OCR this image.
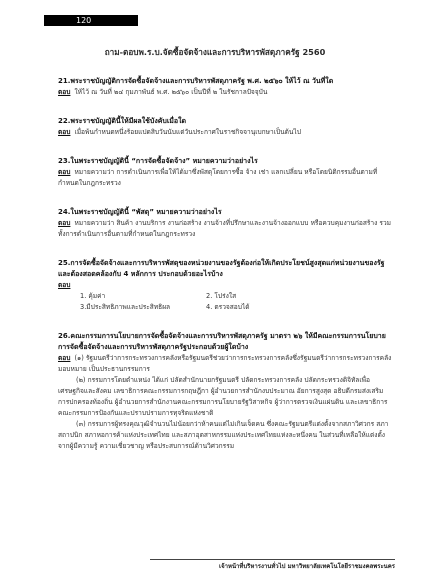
120
ถาม-ตอบพ.ร.บ.จัดซื้อจัดจ้างและการบริหารพัสดุภาครัฐ 2560

21.พระราชบัญญัติการจัดซื้อจัดจ้างและการบริหารพัสดุภาครัฐ พ.ศ. ๒๕๖๐ ให้ไว้ ณ วันที่ใด

ตอบ ให้ไว้ ณ วันที่ ๒๔ กุมภาพันธ์ พ.ศ. ๒๕๖๐ เป็นปีที่ ๒ ในรัชกาลปัจจุบัน

22.พระราชบัญญัตินี้ให้มีผลใช้บังคับเมื่อใด

ตอบ เมื่อพ้นกำหนดหนึ่งร้อยแปดสิบวันนับแต่วันประกาศในราชกิจจานุเบกษาเป็นต้นไป

23.ในพระราชบัญญัตินี้ “การจัดซื้อจัดจ้าง” หมายความว่าอย่างไร

ตอบ หมายความว่า การดำเนินการเพื่อให้ได้มาซึ่งพัสดุโดยการซื้อ จ้าง เช่า แลกเปลี่ยน หรือโดยนิติกรรมอื่นตามที่กำหนดในกฎกระทรวง

24.ในพระราชบัญญัตินี้ “พัสดุ” หมายความว่าอย่างไร

ตอบ หมายความว่า สินค้า งานบริการ งานก่อสร้าง งานจ้างที่ปรึกษาและงานจ้างออกแบบ หรือควบคุมงานก่อสร้าง รวมทั้งการดำเนินการอื่นตามที่กำหนดในกฎกระทรวง

25.การจัดซื้อจัดจ้างและการบริหารพัสดุของหน่วยงานของรัฐต้องก่อให้เกิดประโยชน์สูงสุดแก่หน่วยงานของรัฐ และต้องสอดคล้องกับ 4 หลักการ ประกอบด้วยอะไรบ้าง

ตอบ

1. คุ้มค่า	2. โปร่งใส
3.มีประสิทธิภาพและประสิทธิผล	4. ตรวจสอบได้

26.คณะกรรมการนโยบายการจัดซื้อจัดจ้างและการบริหารพัสดุภาครัฐ มาตรา ๒๖ ให้มีคณะกรรมการนโยบายการจัดซื้อจัดจ้างและการบริหารพัสดุภาครัฐประกอบด้วยผู้ใดบ้าง

ตอบ (๑) รัฐมนตรีว่าการกระทรวงการคลังหรือรัฐมนตรีช่วยว่าการกระทรวงการคลังซึ่งรัฐมนตรีว่าการกระทรวงการคลังมอบหมาย เป็นประธานกรรมการ

(๒) กรรมการโดยตำแหน่ง ได้แก่ ปลัดสำนักนายกรัฐมนตรี ปลัดกระทรวงการคลัง ปลัดกระทรวงดิจิทัลเพื่อเศรษฐกิจและสังคม เลขาธิการคณะกรรมการกฤษฎีกา ผู้อำนวยการสำนักงบประมาณ อัยการสูงสุด อธิบดีกรมส่งเสริมการปกครองท้องถิ่น ผู้อำนวยการสำนักงานคณะกรรมการนโยบายรัฐวิสาหกิจ ผู้ว่าการตรวจเงินแผ่นดิน และเลขาธิการคณะกรรมการป้องกันและปราบปรามการทุจริตแห่งชาติ

(๓) กรรมการผู้ทรงคุณวุฒิจำนวนไม่น้อยกว่าห้าคนแต่ไม่เกินเจ็ดคน ซึ่งคณะรัฐมนตรีแต่งตั้งจากสภาวิศวกร สภาสถาปนิก สภาหอการค้าแห่งประเทศไทย และสภาอุตสาหกรรมแห่งประเทศไทยแห่งละหนึ่งคน ในส่วนที่เหลือให้แต่งตั้งจากผู้มีความรู้ ความเชี่ยวชาญ หรือประสบการณ์ด้านวิศวกรรม

เจ้าหน้าที่บริหารงานทั่วไป มหาวิทยาลัยเทคโนโลยีราชมงคลพระนคร
